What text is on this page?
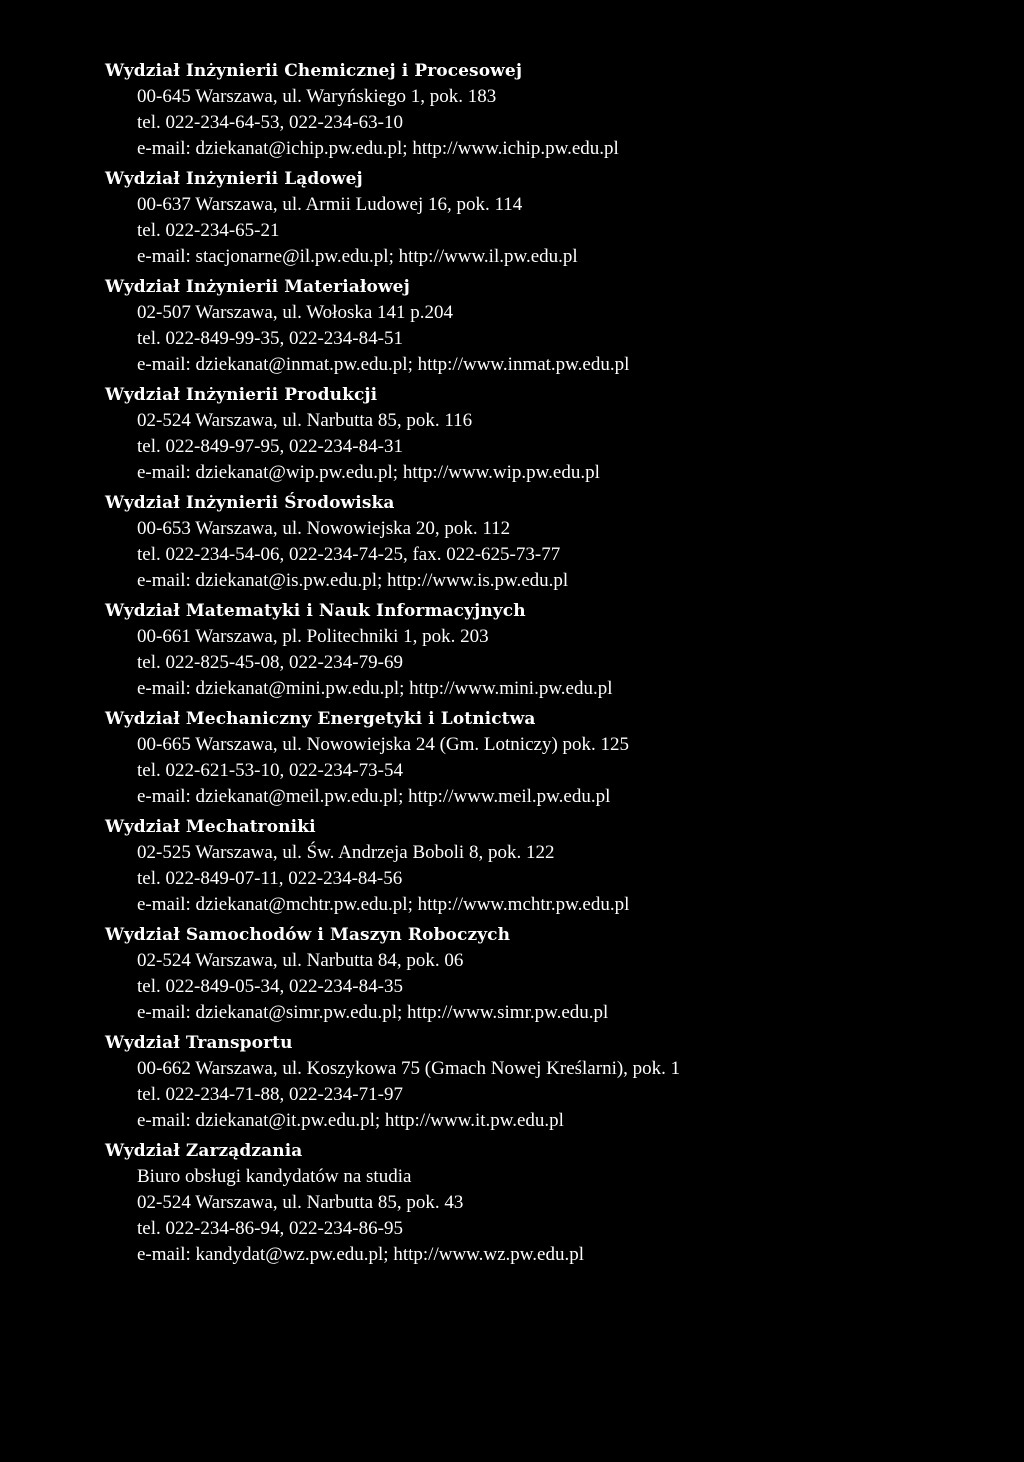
Wydział Inżynierii Chemicznej i Procesowej
00-645 Warszawa, ul. Waryńskiego 1, pok. 183
tel. 022-234-64-53, 022-234-63-10
e-mail: dziekanat@ichip.pw.edu.pl; http://www.ichip.pw.edu.pl
Wydział Inżynierii Lądowej
00-637 Warszawa, ul. Armii Ludowej 16, pok. 114
tel. 022-234-65-21
e-mail: stacjonarne@il.pw.edu.pl; http://www.il.pw.edu.pl
Wydział Inżynierii Materiałowej
02-507 Warszawa, ul. Wołoska 141 p.204
tel. 022-849-99-35, 022-234-84-51
e-mail: dziekanat@inmat.pw.edu.pl; http://www.inmat.pw.edu.pl
Wydział Inżynierii Produkcji
02-524 Warszawa, ul. Narbutta 85, pok. 116
tel. 022-849-97-95, 022-234-84-31
e-mail: dziekanat@wip.pw.edu.pl; http://www.wip.pw.edu.pl
Wydział Inżynierii Środowiska
00-653 Warszawa, ul. Nowowiejska 20, pok. 112
tel. 022-234-54-06, 022-234-74-25, fax. 022-625-73-77
e-mail: dziekanat@is.pw.edu.pl; http://www.is.pw.edu.pl
Wydział Matematyki i Nauk Informacyjnych
00-661 Warszawa, pl. Politechniki 1, pok. 203
tel. 022-825-45-08, 022-234-79-69
e-mail: dziekanat@mini.pw.edu.pl; http://www.mini.pw.edu.pl
Wydział Mechaniczny Energetyki i Lotnictwa
00-665 Warszawa, ul. Nowowiejska 24 (Gm. Lotniczy) pok. 125
tel. 022-621-53-10, 022-234-73-54
e-mail: dziekanat@meil.pw.edu.pl; http://www.meil.pw.edu.pl
Wydział Mechatroniki
02-525 Warszawa, ul. Św. Andrzeja Boboli 8, pok. 122
tel. 022-849-07-11, 022-234-84-56
e-mail: dziekanat@mchtr.pw.edu.pl; http://www.mchtr.pw.edu.pl
Wydział Samochodów i Maszyn Roboczych
02-524 Warszawa, ul. Narbutta 84, pok. 06
tel. 022-849-05-34, 022-234-84-35
e-mail: dziekanat@simr.pw.edu.pl; http://www.simr.pw.edu.pl
Wydział Transportu
00-662 Warszawa, ul. Koszykowa 75 (Gmach Nowej Kreślarni), pok. 1
tel. 022-234-71-88, 022-234-71-97
e-mail: dziekanat@it.pw.edu.pl; http://www.it.pw.edu.pl
Wydział Zarządzania
Biuro obsługi kandydatów na studia
02-524 Warszawa, ul. Narbutta 85, pok. 43
tel. 022-234-86-94, 022-234-86-95
e-mail: kandydat@wz.pw.edu.pl; http://www.wz.pw.edu.pl
